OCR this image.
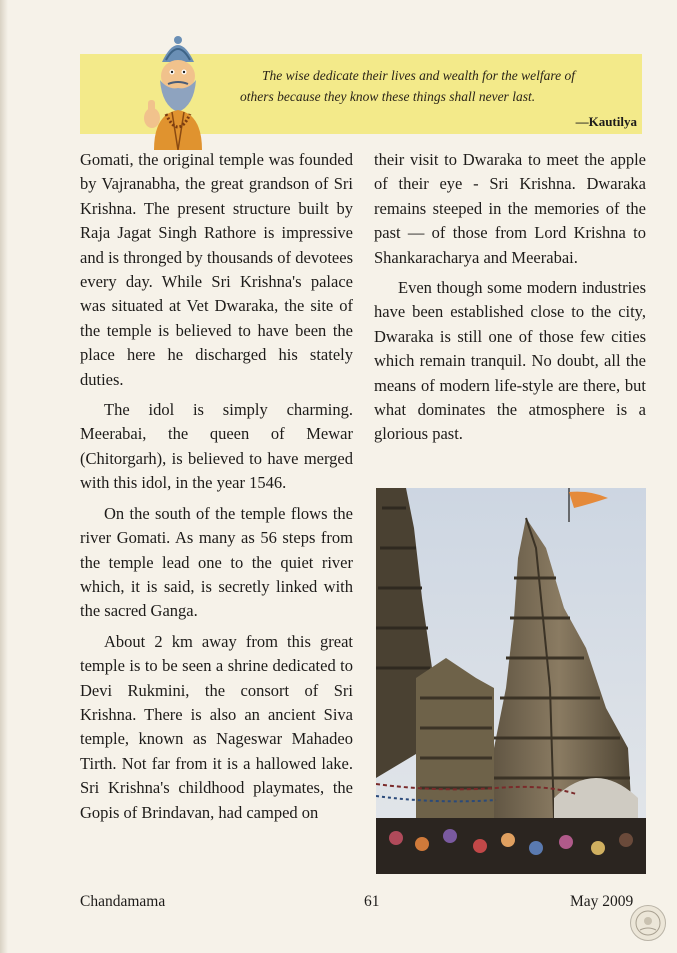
The wise dedicate their lives and wealth for the welfare of
others because they know these things shall never last.
—Kautilya

Gomati, the original temple was founded by Vajranabha, the great grandson of Sri Krishna. The present structure built by Raja Jagat Singh Rathore is impressive and is thronged by thousands of devotees every day. While Sri Krishna's palace was situated at Vet Dwaraka, the site of the temple is believed to have been the place here he discharged his stately duties.

The idol is simply charming. Meerabai, the queen of Mewar (Chitorgarh), is believed to have merged with this idol, in the year 1546.

On the south of the temple flows the river Gomati. As many as 56 steps from the temple lead one to the quiet river which, it is said, is secretly linked with the sacred Ganga.

About 2 km away from this great temple is to be seen a shrine dedicated to Devi Rukmini, the consort of Sri Krishna. There is also an ancient Siva temple, known as Nageswar Mahadeo Tirth. Not far from it is a hallowed lake. Sri Krishna's childhood playmates, the Gopis of Brindavan, had camped on

their visit to Dwaraka to meet the apple of their eye - Sri Krishna. Dwaraka remains steeped in the memories of the past — of those from Lord Krishna to Shankaracharya and Meerabai.

Even though some modern industries have been established close to the city, Dwaraka is still one of those few cities which remain tranquil. No doubt, all the means of modern life-style are there, but what dominates the atmosphere is a glorious past.

Chandamama	61	May 2009
